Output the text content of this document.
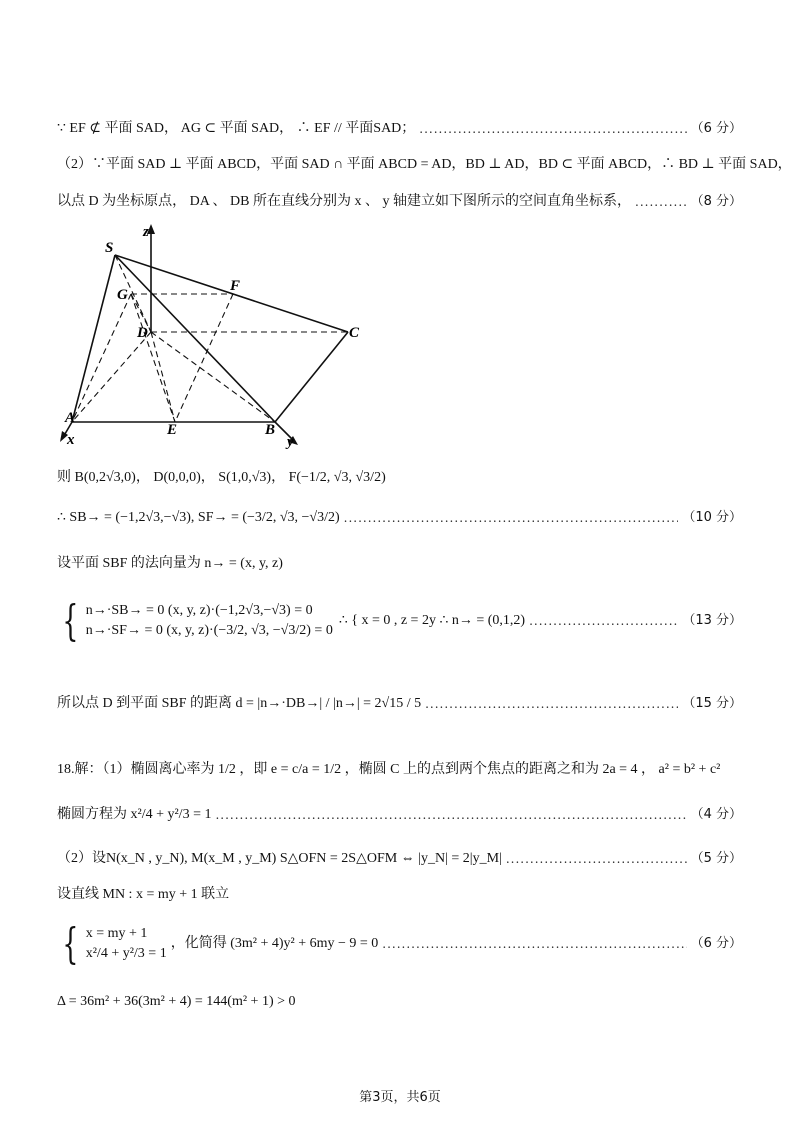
∵ EF ⊄ 平面 SAD， AG ⊂ 平面 SAD， ∴ EF // 平面SAD； .....	（6 分）
（2）∵平面 SAD ⊥ 平面 ABCD，平面 SAD ∩ 平面 ABCD = AD，BD ⊥ AD，BD ⊂ 平面 ABCD，∴ BD ⊥ 平面 SAD，
以点 D 为坐标原点， DA 、 DB 所在直线分别为 x 、 y 轴建立如下图所示的空间直角坐标系， .....	（8 分）
S
z
G
F
D	C
A
x
E	B
y
则 B(0,2√3,0)， D(0,0,0)， S(1,0,√3)， F(−1/2, √3, √3/2)
∴ SB→ = (−1,2√3,−√3), SF→ = (−3/2, √3, −√3/2) .....	（10 分）
设平面 SBF 的法向量为 n→ = (x, y, z)
{ n→·SB→ = 0 (x, y, z)·(−1,2√3,−√3) = 0
n→·SF→ = 0 (x, y, z)·(−3/2, √3, −√3/2) = 0
∴ { x = 0 , z = 2y ∴ n→ = (0,1,2) .....	（13 分）
所以点 D 到平面 SBF 的距离 d = |n→·DB→| / |n→| = 2√15 / 5 .....	（15 分）
18.解：（1）椭圆离心率为 1/2 ，即 e = c/a = 1/2 ，椭圆 C 上的点到两个焦点的距离之和为 2a = 4 ， a² = b² + c²
椭圆方程为 x²/4 + y²/3 = 1 .....	（4 分）
（2）设N(x_N , y_N), M(x_M , y_M) S△OFN = 2S△OFM ⇔ |y_N| = 2|y_M| .....	（5 分）
设直线 MN : x = my + 1 联立
{ x = my + 1
x²/4 + y²/3 = 1
，化简得 (3m² + 4)y² + 6my − 9 = 0 .....	（6 分）
Δ = 36m² + 36(3m² + 4) = 144(m² + 1) > 0
第3页，共6页
